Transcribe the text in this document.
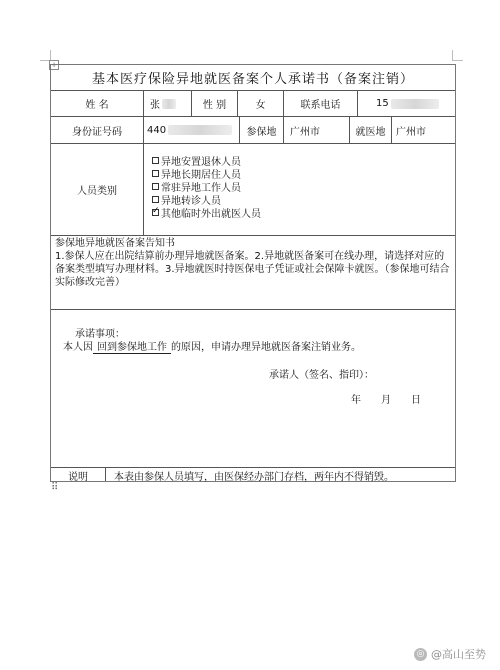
+
基本医疗保险异地就医备案个人承诺书（备案注销）
姓 名	张	性 别	女	联系电话	15
身份证号码	440	参保地	广州市	就医地	广州市
人员类别
异地安置退休人员
异地长期居住人员
常驻异地工作人员
异地转诊人员
✓
其他临时外出就医人员
参保地异地就医备案告知书
1.参保人应在出院结算前办理异地就医备案。2.异地就医备案可在线办理，请选择对应的备案类型填写办理材料。3.异地就医时持医保电子凭证或社会保障卡就医。（参保地可结合实际修改完善）
承诺事项：
本人因 回到参保地工作 的原因，申请办理异地就医备案注销业务。
承诺人（签名、指印）：
年 月 日
说明	本表由参保人员填写，由医保经办部门存档，两年内不得销毁。
⠿
◎ @高山至势
